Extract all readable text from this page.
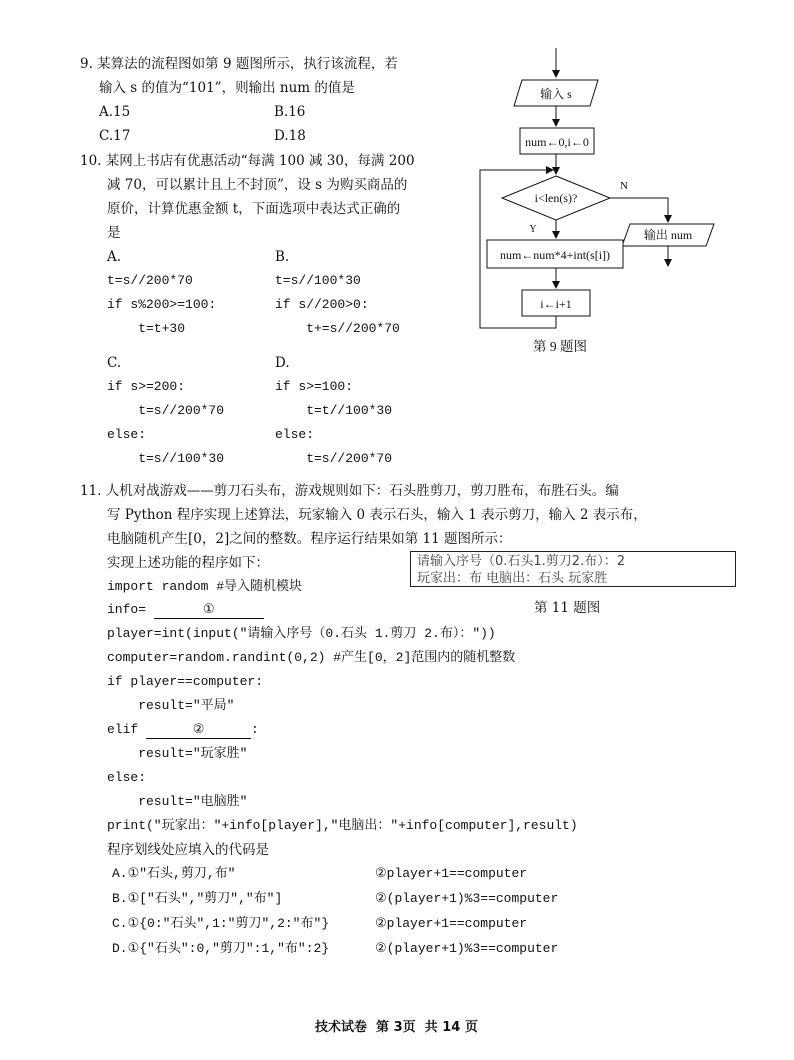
9. 某算法的流程图如第 9 题图所示，执行该流程，若
输入 s 的值为“101”，则输出 num 的值是
A.15	B.16
C.17	D.18
输入 s
num←0,i←0
i<len(s)?
N
Y	输出 num
num←num*4+int(s[i])
i←i+1
第 9 题图
10. 某网上书店有优惠活动“每满 100 减 30，每满 200
减 70，可以累计且上不封顶”，设 s 为购买商品的
原价，计算优惠金额 t，下面选项中表达式正确的
是
A.
t=s//200*70
if s%200>=100:
t=t+30
B.
t=s//100*30
if s//200>0:
t+=s//200*70
C.
if s>=200:
t=s//200*70
else:
t=s//100*30
D.
if s>=100:
t=t//100*30
else:
t=s//200*70
11. 人机对战游戏——剪刀石头布，游戏规则如下：石头胜剪刀，剪刀胜布，布胜石头。编
写 Python 程序实现上述算法，玩家输入 0 表示石头，输入 1 表示剪刀，输入 2 表示布，
电脑随机产生[0，2]之间的整数。程序运行结果如第 11 题图所示：
实现上述功能的程序如下：	请输入序号（0.石头1.剪刀2.布）：2
玩家出：布 电脑出：石头 玩家胜
第 11 题图
import random #导入随机模块
info=	①
player=int(input("请输入序号（0.石头 1.剪刀 2.布）："))
computer=random.randint(0,2) #产生[0，2]范围内的随机整数
if player==computer:
result="平局"
elif	②	:
result="玩家胜"
else:
result="电脑胜"
print("玩家出："+info[player],"电脑出："+info[computer],result)
程序划线处应填入的代码是
A.①"石头,剪刀,布"	②player+1==computer
B.①["石头","剪刀","布"]	②(player+1)%3==computer
C.①{0:"石头",1:"剪刀",2:"布"}	②player+1==computer
D.①{"石头":0,"剪刀":1,"布":2}	②(player+1)%3==computer
技术试卷  第 3页  共 14 页
